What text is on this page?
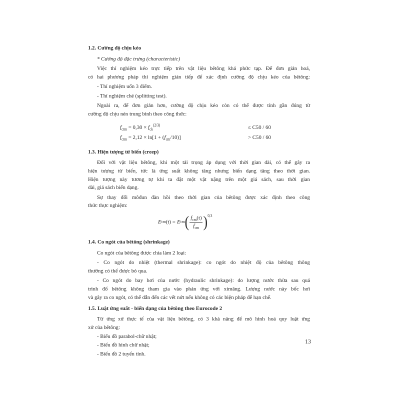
1.2. Cường độ chịu kéo
* Cường độ đặc trưng (characteristic)
Việc thí nghiệm kéo trực tiếp trên vật liệu bêtông khá phức tạp. Để đơn giản hoá,
có hai phương pháp thí nghiệm gián tiếp để xác định cường độ chịu kéo của bêtông:
- Thí nghiệm uốn 3 điểm.
- Thí nghiệm chẻ (splitting test).
Ngoài ra, để đơn giản hơn, cường độ chịu kéo còn có thể được tính gần đúng từ
cường độ chịu nén trung bình theo công thức:
$f_{ctm} = 0,30 \times f_{ck}^{(2/3)}$	≤ C50 / 60
$f_{ctm} = 2,12 \times \ln[1 + (f_{cm}/10)]$	> C50 / 60
1.3. Hiện tượng từ biến (creep)
Đối với vật liệu bêtông, khi một tải trọng áp dụng với thời gian dài, có thể gây ra
hiện tượng từ biến, tức là ứng suất không tăng nhưng biến dạng tăng theo thời gian.
Hiện tượng này tương tự khi ta đặt một vật nặng trên một giá sách, sau thời gian
dài, giá sách biến dạng.
Sự thay đổi môđun đàn hồi theo thời gian của bêtông được xác định theo công
thức thực nghiệm:
E cm (t) = E cm ( $\frac{f_{cm}(t)}{f_{cm}}$ ) 0,3
1.4. Co ngót của bêtông (shrinkage)
Co ngót của bêtông được chia làm 2 loại:
- Co ngót do nhiệt (thermal shrinkage): co ngót do nhiệt độ của bêtông thông
thường có thể được bỏ qua.
- Co ngót do bay hơi của nước (hydraulic shrinkage): do lượng nước thừa sau quá
trình đổ bêtông không tham gia vào phản ứng với ximăng. Lượng nước này bốc hơi
và gây ra co ngót, có thể dẫn đến các vết nứt nếu không có các biện pháp để hạn chế.
1.5. Luật ứng suất - biến dạng của bêtông theo Eurocode 2
Từ ứng xử thực tế của vật liệu bêtông, có 3 khả năng để mô hình hoá quy luật ứng
xử của bêtông:
- Biểu đồ parabol-chữ nhật;
- Biểu đồ hình chữ nhật;
- Biểu đồ 2 tuyến tính.
13
